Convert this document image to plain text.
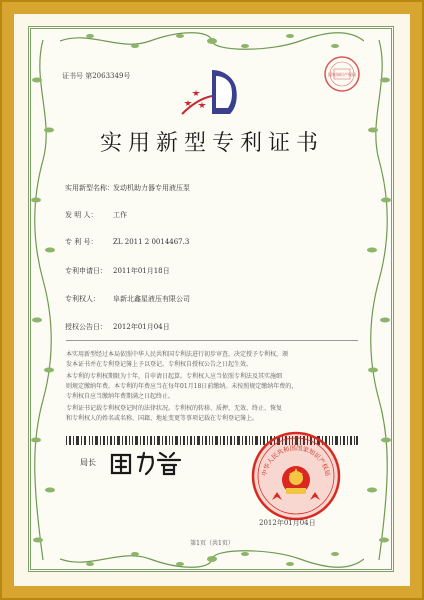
证书号 第2063349号	国家知识产权局
实用新型专利证书
实用新型名称：发动机助力器专用液压泵
发 明 人： 工作
专 利 号： ZL 2011 2 0014467.3
专利申请日： 2011年01月18日
专利权人： 阜新北鑫星液压有限公司
授权公告日： 2012年01月04日
本实用新型经过本局依照中华人民共和国专利法进行初步审查，决定授予专利权，颁
发本证书并在专利登记簿上予以登记。专利权自授权公告之日起生效。
本专利的专利权期限为十年，自申请日起算。专利权人应当依照专利法及其实施细
则规定缴纳年费。本专利的年费应当在每年01月18日前缴纳。未按照规定缴纳年费的，
专利权自应当缴纳年费期满之日起终止。
专利证书记载专利权登记时的法律状况。专利权的转移、质押、无效、终止、恢复
和专利权人的姓名或名称、国籍、地址变更等事项记载在专利登记簿上。
局长
中华人民共和国国家知识产权局
2012年01月04日
第1页（共1页）
